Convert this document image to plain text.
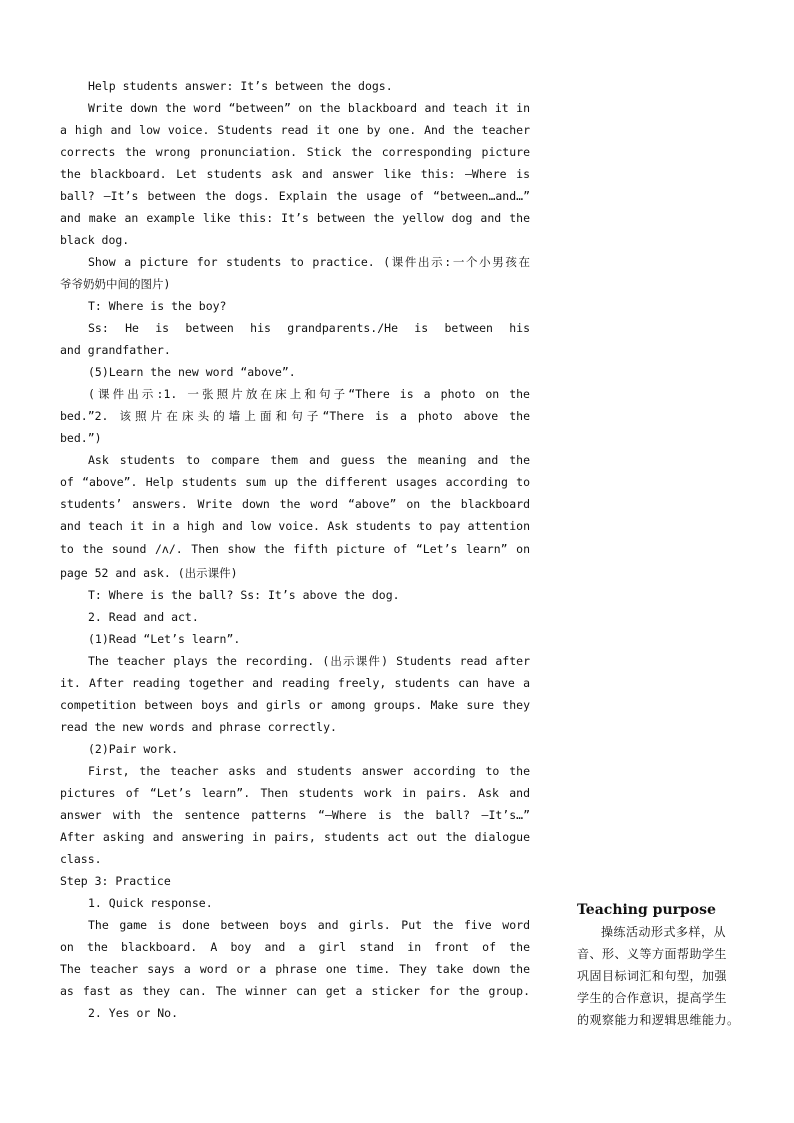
Help students answer: It’s between the dogs.
Write down the word “between” on the blackboard and teach it in
a high and low voice. Students read it one by one. And the teacher
corrects the wrong pronunciation. Stick the corresponding picture
the blackboard. Let students ask and answer like this: —Where is
ball? —It’s between the dogs. Explain the usage of “between…and…”
and make an example like this: It’s between the yellow dog and the
black dog.
Show a picture for students to practice. (课件出示:一个小男孩在
爷爷奶奶中间的图片)
T: Where is the boy?
Ss: He is between his grandparents./He is between his
and grandfather.
(5)Learn the new word “above”.
(课件出示:1. 一张照片放在床上和句子“There is a photo on the
bed.”2. 该照片在床头的墙上面和句子“There is a photo above the
bed.”)
Ask students to compare them and guess the meaning and the
of “above”. Help students sum up the different usages according to
students’ answers. Write down the word “above” on the blackboard
and teach it in a high and low voice. Ask students to pay attention
to the sound /ʌ/. Then show the fifth picture of “Let’s learn” on
page 52 and ask. (出示课件)
T: Where is the ball? Ss: It’s above the dog.
2. Read and act.
(1)Read “Let’s learn”.
The teacher plays the recording. (出示课件) Students read after
it. After reading together and reading freely, students can have a
competition between boys and girls or among groups. Make sure they
read the new words and phrase correctly.
(2)Pair work.
First, the teacher asks and students answer according to the
pictures of “Let’s learn”. Then students work in pairs. Ask and
answer with the sentence patterns “—Where is the ball? —It’s…”
After asking and answering in pairs, students act out the dialogue
class.
Step 3: Practice
1. Quick response.
The game is done between boys and girls. Put the five word
on the blackboard. A boy and a girl stand in front of the
The teacher says a word or a phrase one time. They take down the
as fast as they can. The winner can get a sticker for the group.
2. Yes or No.
Teaching purpose
操练活动形式多样，从
音、形、义等方面帮助学生
巩固目标词汇和句型，加强
学生的合作意识，提高学生
的观察能力和逻辑思维能力。
